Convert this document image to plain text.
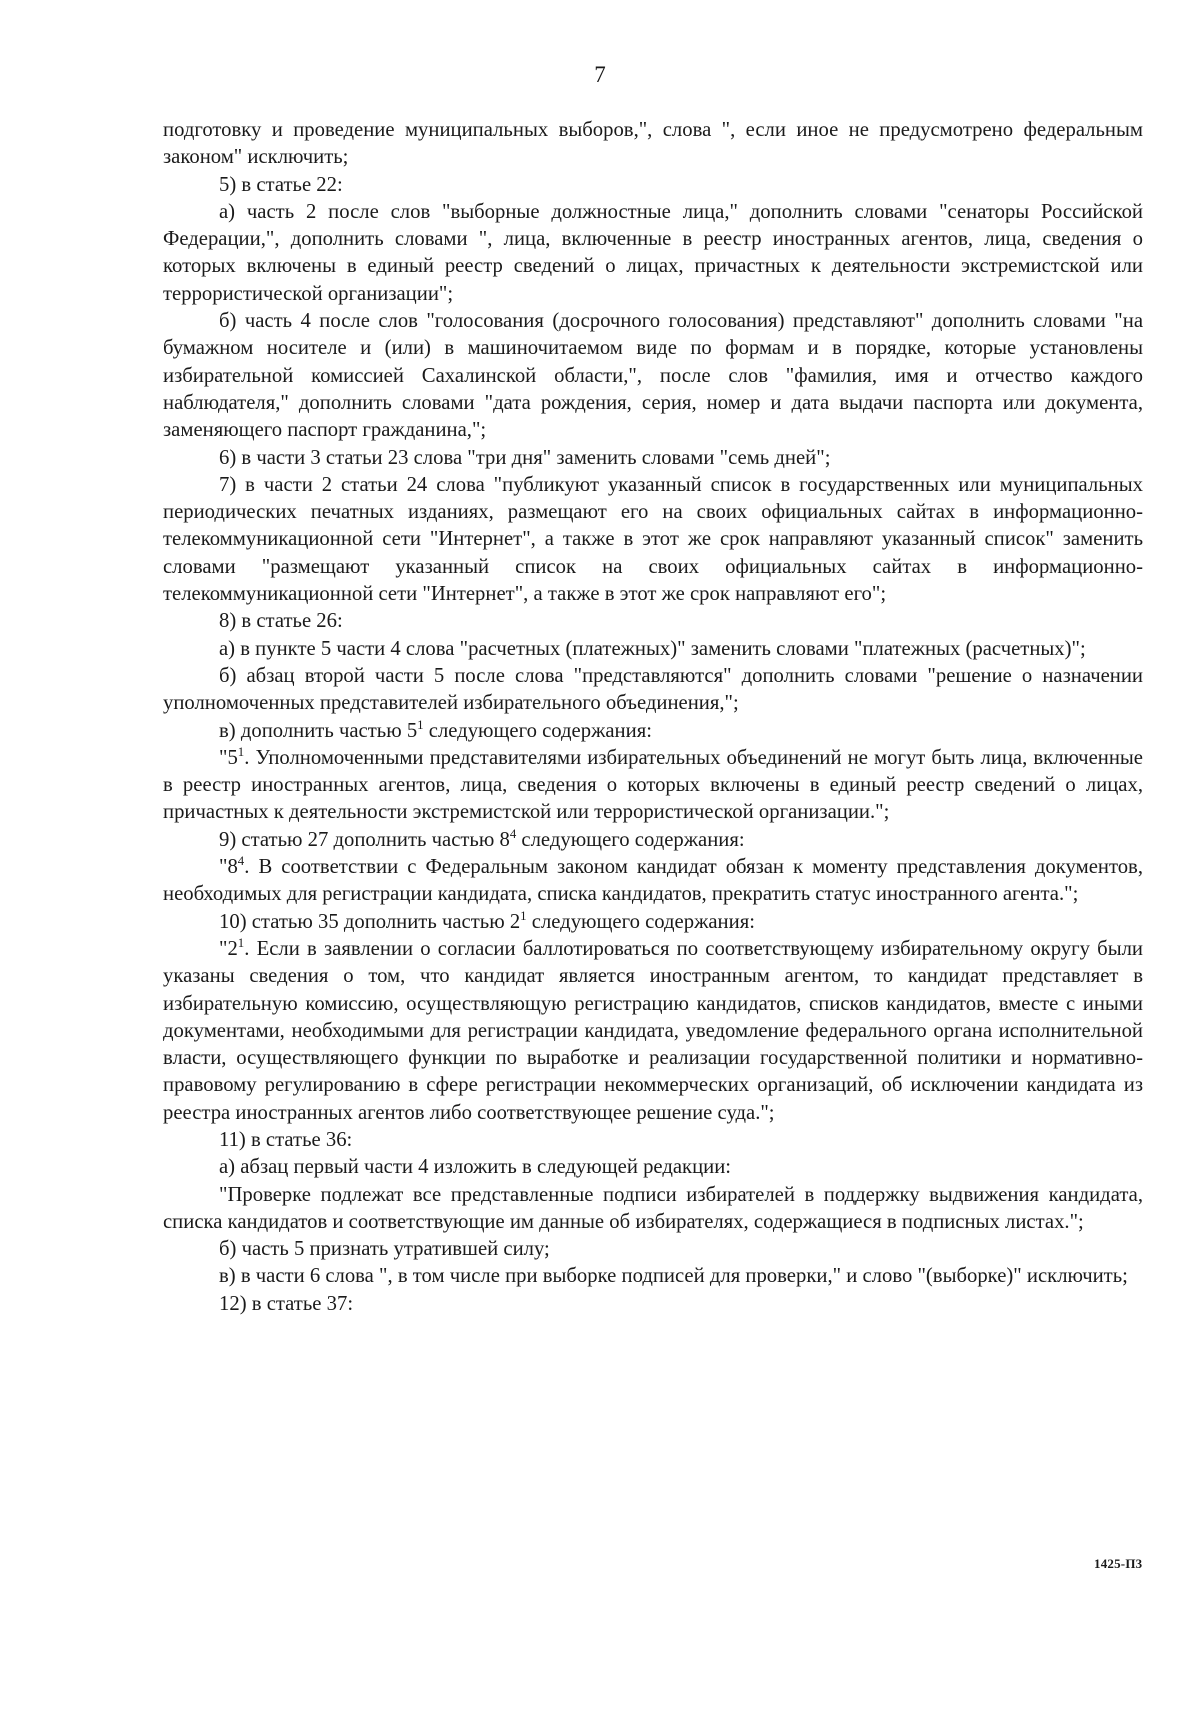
7

подготовку и проведение муниципальных выборов,", слова ", если иное не предусмотрено федеральным законом" исключить;

5) в статье 22:

а) часть 2 после слов "выборные должностные лица," дополнить словами "сенаторы Российской Федерации,", дополнить словами ", лица, включенные в реестр иностранных агентов, лица, сведения о которых включены в единый реестр сведений о лицах, причастных к деятельности экстремистской или террористической организации";

б) часть 4 после слов "голосования (досрочного голосования) представляют" дополнить словами "на бумажном носителе и (или) в машиночитаемом виде по формам и в порядке, которые установлены избирательной комиссией Сахалинской области,", после слов "фамилия, имя и отчество каждого наблюдателя," дополнить словами "дата рождения, серия, номер и дата выдачи паспорта или документа, заменяющего паспорт гражданина,";

6) в части 3 статьи 23 слова "три дня" заменить словами "семь дней";

7) в части 2 статьи 24 слова "публикуют указанный список в государственных или муниципальных периодических печатных изданиях, размещают его на своих официальных сайтах в информационно-телекоммуникационной сети "Интернет", а также в этот же срок направляют указанный список" заменить словами "размещают указанный список на своих официальных сайтах в информационно-телекоммуникационной сети "Интернет", а также в этот же срок направляют его";

8) в статье 26:

а) в пункте 5 части 4 слова "расчетных (платежных)" заменить словами "платежных (расчетных)";

б) абзац второй части 5 после слова "представляются" дополнить словами "решение о назначении уполномоченных представителей избирательного объединения,";

в) дополнить частью $5^1$ следующего содержания:

"$5^1$. Уполномоченными представителями избирательных объединений не могут быть лица, включенные в реестр иностранных агентов, лица, сведения о которых включены в единый реестр сведений о лицах, причастных к деятельности экстремистской или террористической организации.";

9) статью 27 дополнить частью $8^4$ следующего содержания:

"$8^4$. В соответствии с Федеральным законом кандидат обязан к моменту представления документов, необходимых для регистрации кандидата, списка кандидатов, прекратить статус иностранного агента.";

10) статью 35 дополнить частью $2^1$ следующего содержания:

"$2^1$. Если в заявлении о согласии баллотироваться по соответствующему избирательному округу были указаны сведения о том, что кандидат является иностранным агентом, то кандидат представляет в избирательную комиссию, осуществляющую регистрацию кандидатов, списков кандидатов, вместе с иными документами, необходимыми для регистрации кандидата, уведомление федерального органа исполнительной власти, осуществляющего функции по выработке и реализации государственной политики и нормативно-правовому регулированию в сфере регистрации некоммерческих организаций, об исключении кандидата из реестра иностранных агентов либо соответствующее решение суда.";

11) в статье 36:

а) абзац первый части 4 изложить в следующей редакции:

"Проверке подлежат все представленные подписи избирателей в поддержку выдвижения кандидата, списка кандидатов и соответствующие им данные об избирателях, содержащиеся в подписных листах.";

б) часть 5 признать утратившей силу;

в) в части 6 слова ", в том числе при выборке подписей для проверки," и слово "(выборке)" исключить;

12) в статье 37:

1425-П3
